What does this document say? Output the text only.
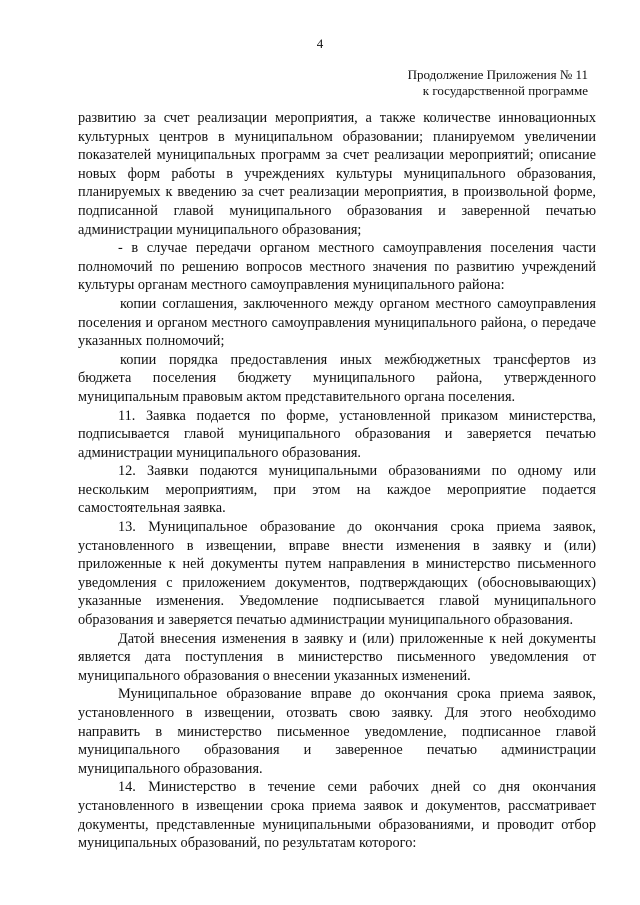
4
Продолжение Приложения № 11
к государственной программе

развитию за счет реализации мероприятия, а также количестве инновационных культурных центров в муниципальном образовании; планируемом увеличении показателей муниципальных программ за счет реализации мероприятий; описание новых форм работы в учреждениях культуры муниципального образования, планируемых к введению за счет реализации мероприятия, в произвольной форме, подписанной главой муниципального образования и заверенной печатью администрации муниципального образования;

- в случае передачи органом местного самоуправления поселения части полномочий по решению вопросов местного значения по развитию учреждений культуры органам местного самоуправления муниципального района:

копии соглашения, заключенного между органом местного самоуправления поселения и органом местного самоуправления муниципального района, о передаче указанных полномочий;

копии порядка предоставления иных межбюджетных трансфертов из бюджета поселения бюджету муниципального района, утвержденного муниципальным правовым актом представительного органа поселения.

11. Заявка подается по форме, установленной приказом министерства, подписывается главой муниципального образования и заверяется печатью администрации муниципального образования.

12. Заявки подаются муниципальными образованиями по одному или нескольким мероприятиям, при этом на каждое мероприятие подается самостоятельная заявка.

13. Муниципальное образование до окончания срока приема заявок, установленного в извещении, вправе внести изменения в заявку и (или) приложенные к ней документы путем направления в министерство письменного уведомления с приложением документов, подтверждающих (обосновывающих) указанные изменения. Уведомление подписывается главой муниципального образования и заверяется печатью администрации муниципального образования.

Датой внесения изменения в заявку и (или) приложенные к ней документы является дата поступления в министерство письменного уведомления от муниципального образования о внесении указанных изменений.

Муниципальное образование вправе до окончания срока приема заявок, установленного в извещении, отозвать свою заявку. Для этого необходимо направить в министерство письменное уведомление, подписанное главой муниципального образования и заверенное печатью администрации муниципального образования.

14. Министерство в течение семи рабочих дней со дня окончания установленного в извещении срока приема заявок и документов, рассматривает документы, представленные муниципальными образованиями, и проводит отбор муниципальных образований, по результатам которого:
